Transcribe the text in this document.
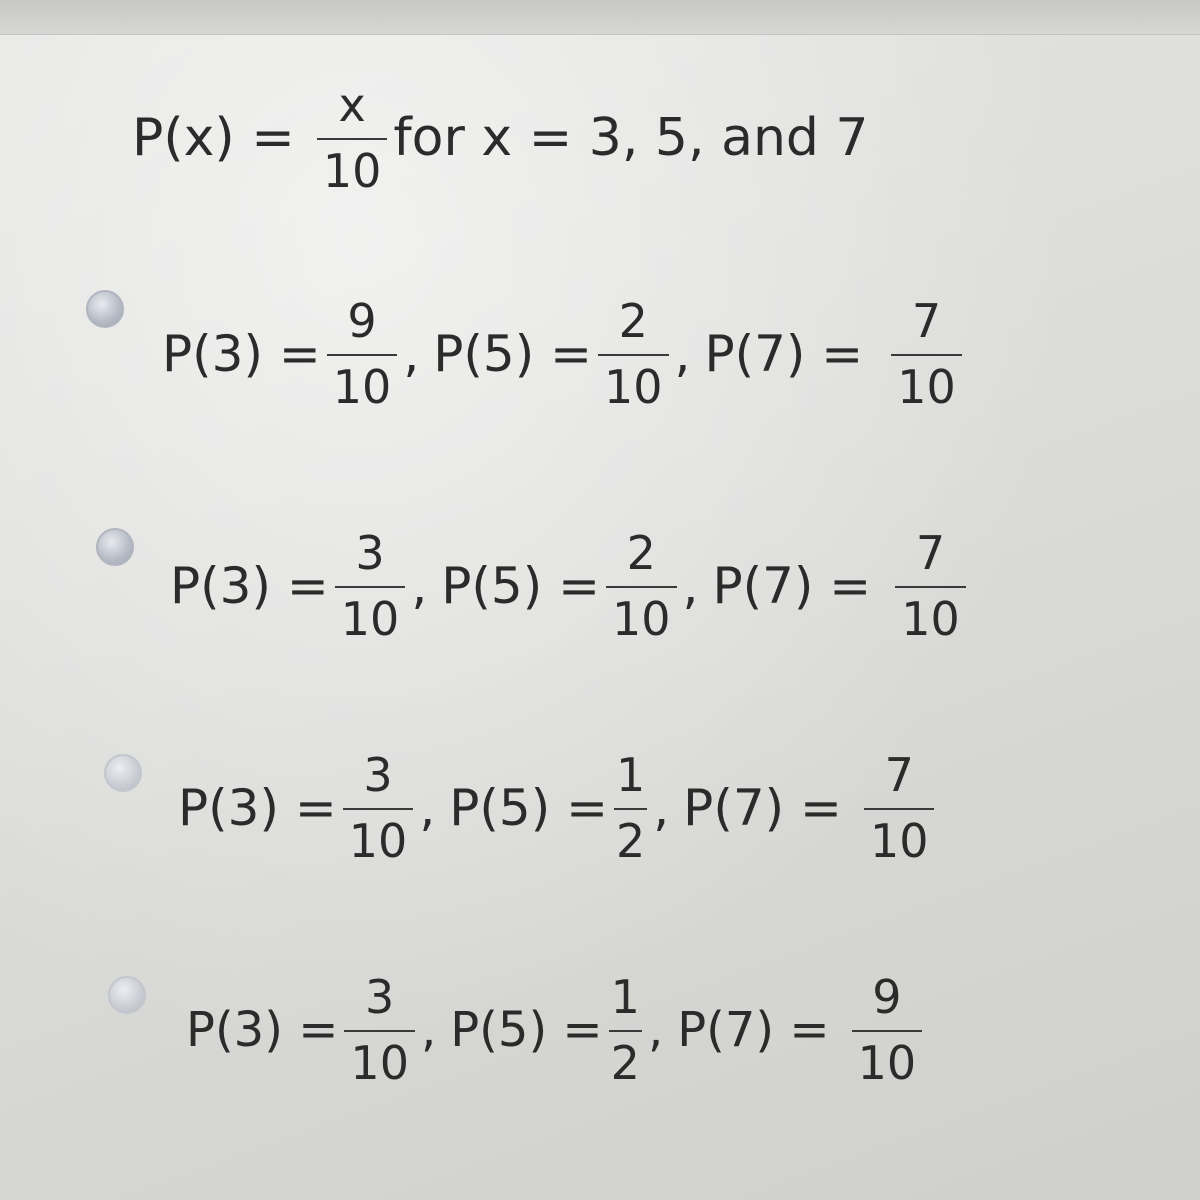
$P(x) = \frac{x}{10}$ for x = 3, 5, and 7
$P(3) = \frac{9}{10}$ , $P(5) = \frac{2}{10}$ , $P(7) = \frac{7}{10}$
$P(3) = \frac{3}{10}$ , $P(5) = \frac{2}{10}$ , $P(7) = \frac{7}{10}$
$P(3) = \frac{3}{10}$ , $P(5) = \frac{1}{2}$ , $P(7) = \frac{7}{10}$
$P(3) = \frac{3}{10}$ , $P(5) = \frac{1}{2}$ , $P(7) = \frac{9}{10}$
